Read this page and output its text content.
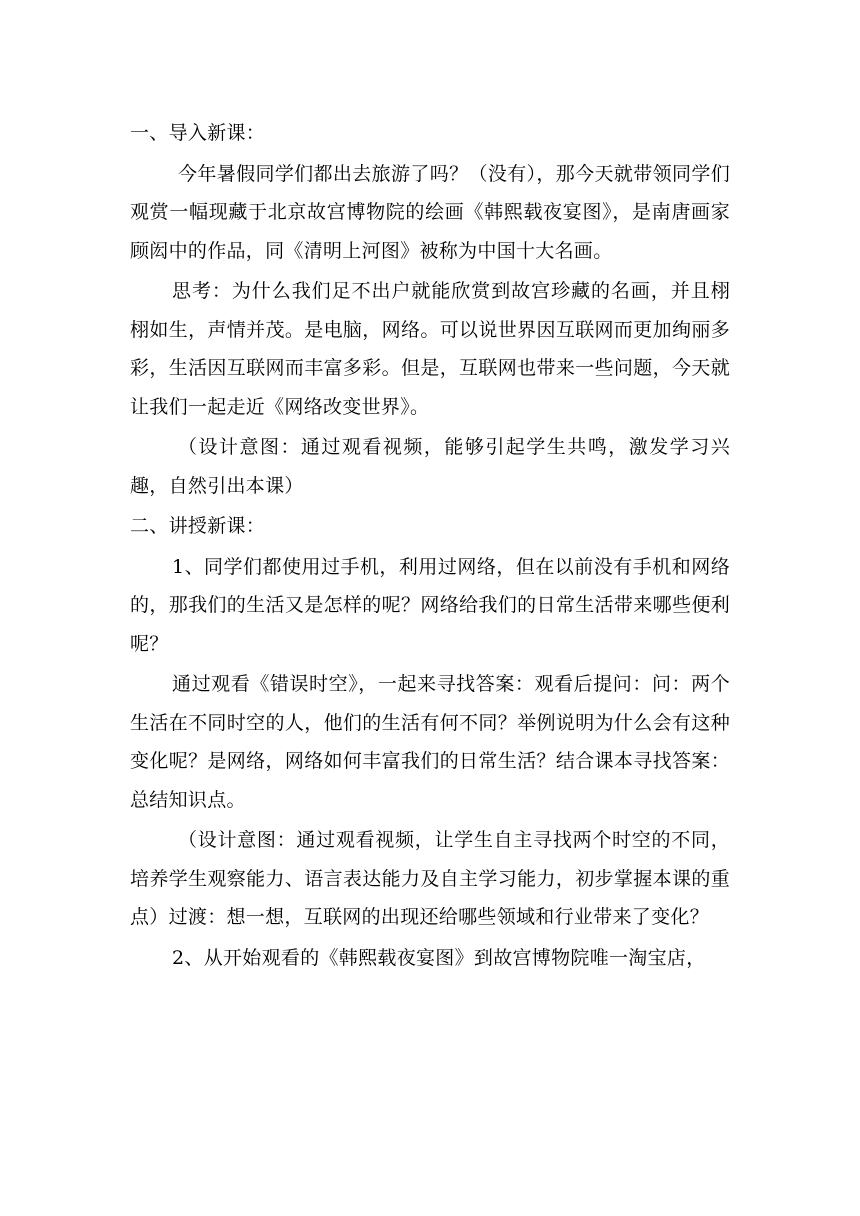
一、导入新课：

今年暑假同学们都出去旅游了吗？（没有），那今天就带领同学们观赏一幅现藏于北京故宫博物院的绘画《韩熙载夜宴图》，是南唐画家顾闳中的作品，同《清明上河图》被称为中国十大名画。

思考：为什么我们足不出户就能欣赏到故宫珍藏的名画，并且栩栩如生，声情并茂。是电脑，网络。可以说世界因互联网而更加绚丽多彩，生活因互联网而丰富多彩。但是，互联网也带来一些问题，今天就让我们一起走近《网络改变世界》。

（设计意图：通过观看视频，能够引起学生共鸣，激发学习兴趣，自然引出本课）

二、讲授新课：

1、同学们都使用过手机，利用过网络，但在以前没有手机和网络的，那我们的生活又是怎样的呢？网络给我们的日常生活带来哪些便利呢？

通过观看《错误时空》，一起来寻找答案：观看后提问：问：两个生活在不同时空的人，他们的生活有何不同？举例说明为什么会有这种变化呢？是网络，网络如何丰富我们的日常生活？结合课本寻找答案：总结知识点。

（设计意图：通过观看视频，让学生自主寻找两个时空的不同，培养学生观察能力、语言表达能力及自主学习能力，初步掌握本课的重点）过渡：想一想，互联网的出现还给哪些领域和行业带来了变化？

2、从开始观看的《韩熙载夜宴图》到故宫博物院唯一淘宝店，
